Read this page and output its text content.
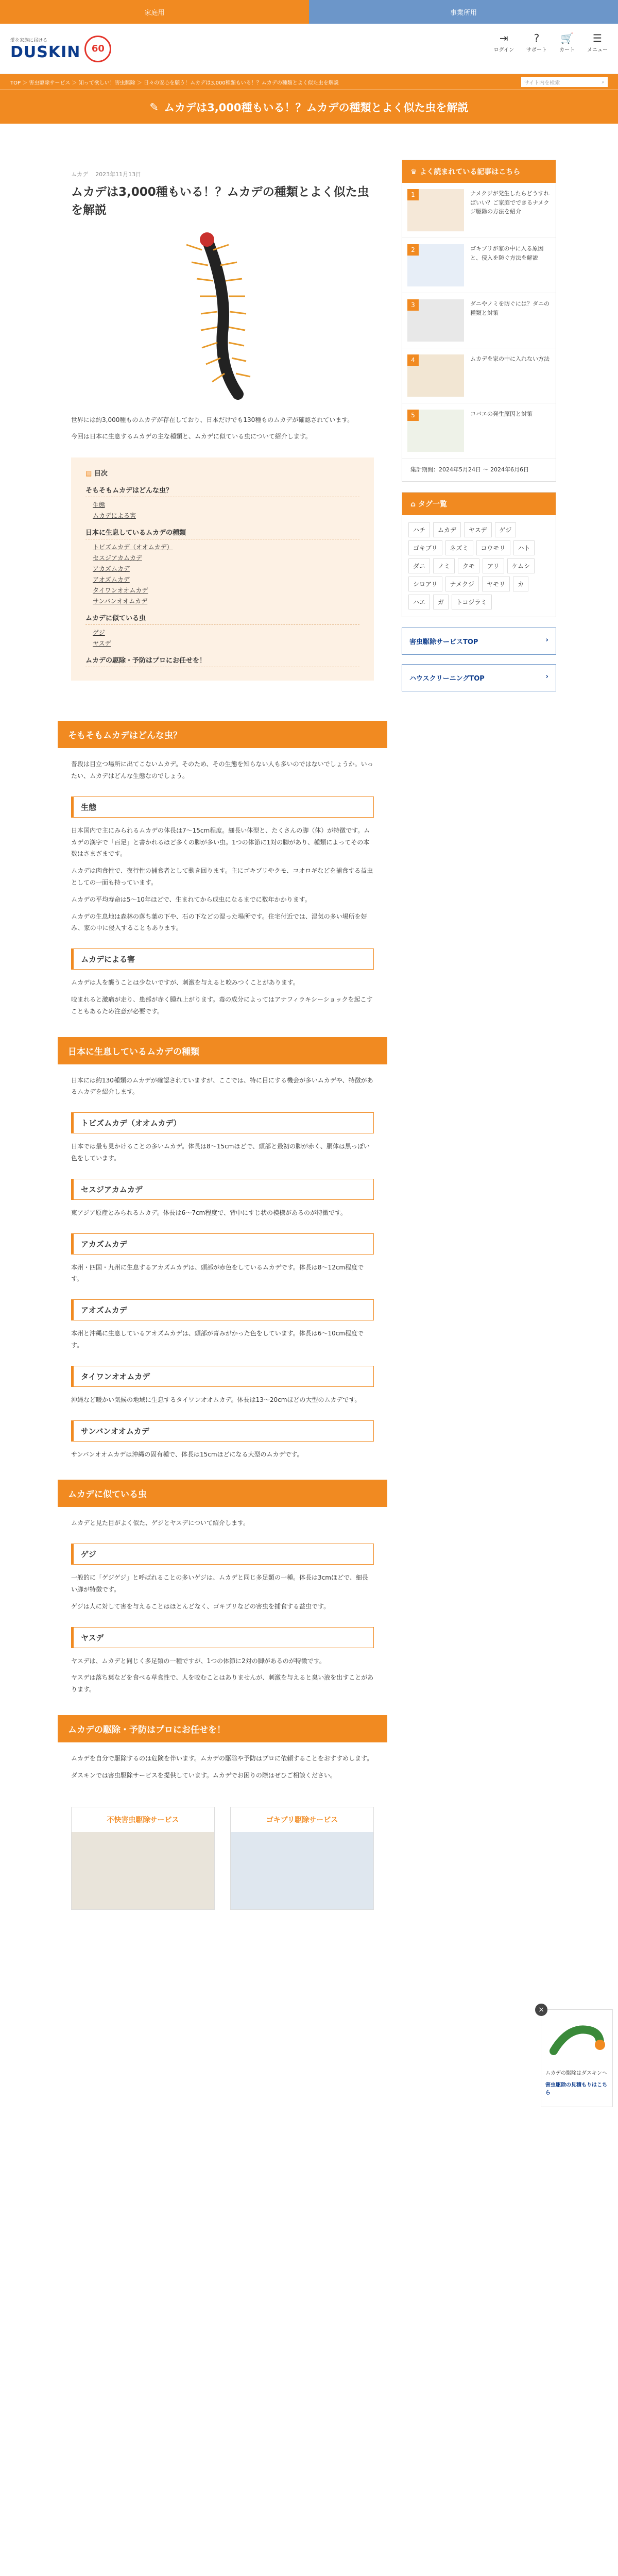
家庭用	事業所用
愛を家族に届ける
DUSKIN	60
⇥
ログイン
?
サポート
🛒
カート
☰
メニュー
TOP ＞ 害虫駆除サービス ＞ 知って欲しい！害虫駆除 ＞ 日々の安心を願う！ムカデは3,000種類もいる！？ムカデの種類とよく似た虫を解説	サイト内を検索	⌕
✎ ムカデは3,000種もいる！？ムカデの種類とよく似た虫を解説
ムカデ 2023年11月13日
ムカデは3,000種もいる！？ムカデの種類とよく似た虫を解説

世界には約3,000種ものムカデが存在しており、日本だけでも130種ものムカデが確認されています。

今回は日本に生息するムカデの主な種類と、ムカデに似ている虫について紹介します。

▤ 目次
そもそもムカデはどんな虫？
生態
ムカデによる害
日本に生息しているムカデの種類
トビズムカデ（オオムカデ）
セスジアカムカデ
アカズムカデ
アオズムカデ
タイワンオオムカデ
サンバンオオムカデ
ムカデに似ている虫
ゲジ
ヤスデ
ムカデの駆除・予防はプロにお任せを！
そもそもムカデはどんな虫？

普段は目立つ場所に出てこないムカデ。そのため、その生態を知らない人も多いのではないでしょうか。いったい、ムカデはどんな生態なのでしょう。

生態

日本国内で主にみられるムカデの体長は7〜15cm程度。細長い体型と、たくさんの脚（体）が特徴です。ムカデの漢字で「百足」と書かれるほど多くの脚が多い虫。1つの体節に1対の脚があり、種類によってその本数はさまざまです。

ムカデは肉食性で、夜行性の捕食者として動き回ります。主にゴキブリやクモ、コオロギなどを捕食する益虫としての一面も持っています。

ムカデの平均寿命は5〜10年ほどで、生まれてから成虫になるまでに数年かかります。

ムカデの生息地は森林の落ち葉の下や、石の下などの湿った場所です。住宅付近では、湿気の多い場所を好み、家の中に侵入することもあります。

ムカデによる害

ムカデは人を襲うことは少ないですが、刺激を与えると咬みつくことがあります。

咬まれると激痛が走り、患部が赤く腫れ上がります。毒の成分によってはアナフィラキシーショックを起こすこともあるため注意が必要です。

日本に生息しているムカデの種類

日本には約130種類のムカデが確認されていますが、ここでは、特に目にする機会が多いムカデや、特徴があるムカデを紹介します。

トビズムカデ（オオムカデ）

日本では最も見かけることの多いムカデ。体長は8〜15cmほどで、頭部と最初の脚が赤く、胴体は黒っぽい色をしています。

セスジアカムカデ

東アジア原産とみられるムカデ。体長は6〜7cm程度で、背中にすじ状の模様があるのが特徴です。

アカズムカデ

本州・四国・九州に生息するアカズムカデは、頭部が赤色をしているムカデです。体長は8〜12cm程度です。

アオズムカデ

本州と沖縄に生息しているアオズムカデは、頭部が青みがかった色をしています。体長は6〜10cm程度です。

タイワンオオムカデ

沖縄など暖かい気候の地域に生息するタイワンオオムカデ。体長は13〜20cmほどの大型のムカデです。

サンバンオオムカデ

サンバンオオムカデは沖縄の固有種で、体長は15cmほどになる大型のムカデです。

ムカデに似ている虫

ムカデと見た目がよく似た、ゲジとヤスデについて紹介します。

ゲジ

一般的に「ゲジゲジ」と呼ばれることの多いゲジは、ムカデと同じ多足類の一種。体長は3cmほどで、細長い脚が特徴です。

ゲジは人に対して害を与えることはほとんどなく、ゴキブリなどの害虫を捕食する益虫です。

ヤスデ

ヤスデは、ムカデと同じく多足類の一種ですが、1つの体節に2対の脚があるのが特徴です。

ヤスデは落ち葉などを食べる草食性で、人を咬むことはありませんが、刺激を与えると臭い液を出すことがあります。

ムカデの駆除・予防はプロにお任せを！

ムカデを自分で駆除するのは危険を伴います。ムカデの駆除や予防はプロに依頼することをおすすめします。

ダスキンでは害虫駆除サービスを提供しています。ムカデでお困りの際はぜひご相談ください。

不快害虫駆除サービス	ゴキブリ駆除サービス
♛ よく読まれている記事はこちら
1	ナメクジが発生したらどうすればいい？ご家庭でできるナメクジ駆除の方法を紹介
2	ゴキブリが家の中に入る原因と、侵入を防ぐ方法を解説
3	ダニやノミを防ぐには？ダニの種類と対策
4	ムカデを家の中に入れない方法
5	コバエの発生原因と対策
集計期間：2024年5月24日 〜 2024年6月6日
⌂ タグ一覧
ハチ	ムカデ	ヤスデ	ゲジ
ゴキブリ	ネズミ	コウモリ	ハト
ダニ	ノミ	クモ	アリ	ケムシ
シロアリ	ナメクジ	ヤモリ	カ
ハエ	ガ	トコジラミ
害虫駆除サービスTOP	›
ハウスクリーニングTOP	›
×
ムカデの駆除はダスキンへ
害虫駆除の見積もりはこちら
